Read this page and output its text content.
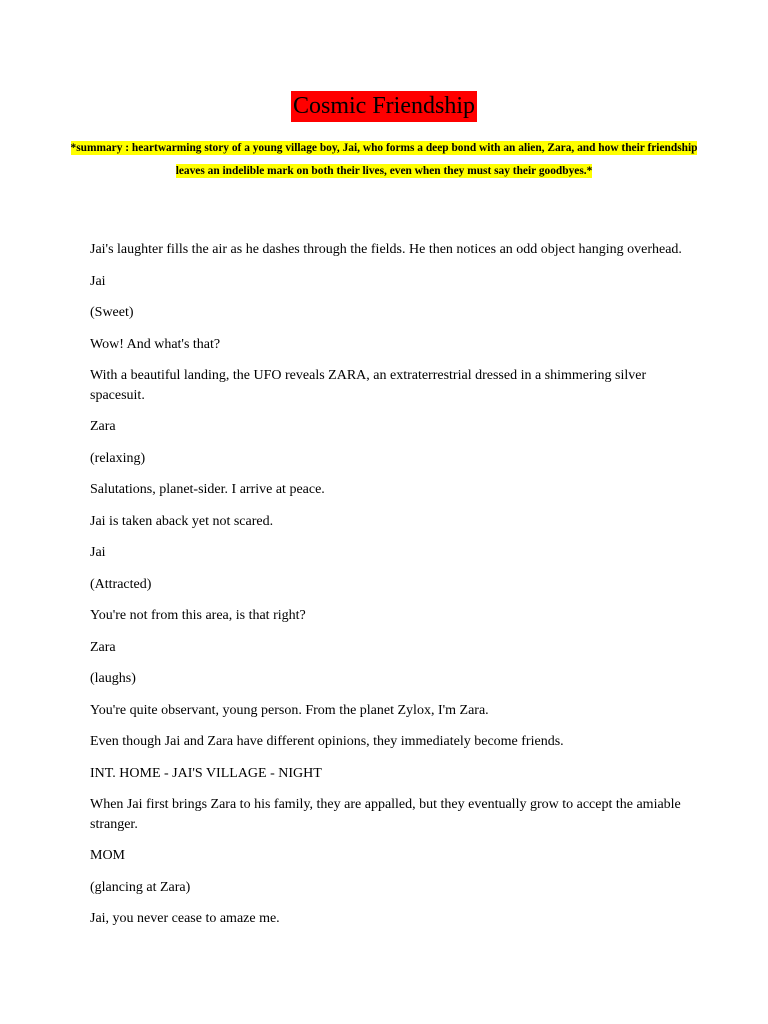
Cosmic Friendship
*summary : heartwarming story of a young village boy, Jai, who forms a deep bond with an alien, Zara, and how their friendship leaves an indelible mark on both their lives, even when they must say their goodbyes.*

Jai's laughter fills the air as he dashes through the fields. He then notices an odd object hanging overhead.

Jai

(Sweet)

Wow! And what's that?

With a beautiful landing, the UFO reveals ZARA, an extraterrestrial dressed in a shimmering silver spacesuit.

Zara

(relaxing)

Salutations, planet-sider. I arrive at peace.

Jai is taken aback yet not scared.

Jai

(Attracted)

You're not from this area, is that right?

Zara

(laughs)

You're quite observant, young person. From the planet Zylox, I'm Zara.

Even though Jai and Zara have different opinions, they immediately become friends.

INT. HOME - JAI'S VILLAGE - NIGHT

When Jai first brings Zara to his family, they are appalled, but they eventually grow to accept the amiable stranger.

MOM

(glancing at Zara)

Jai, you never cease to amaze me.
